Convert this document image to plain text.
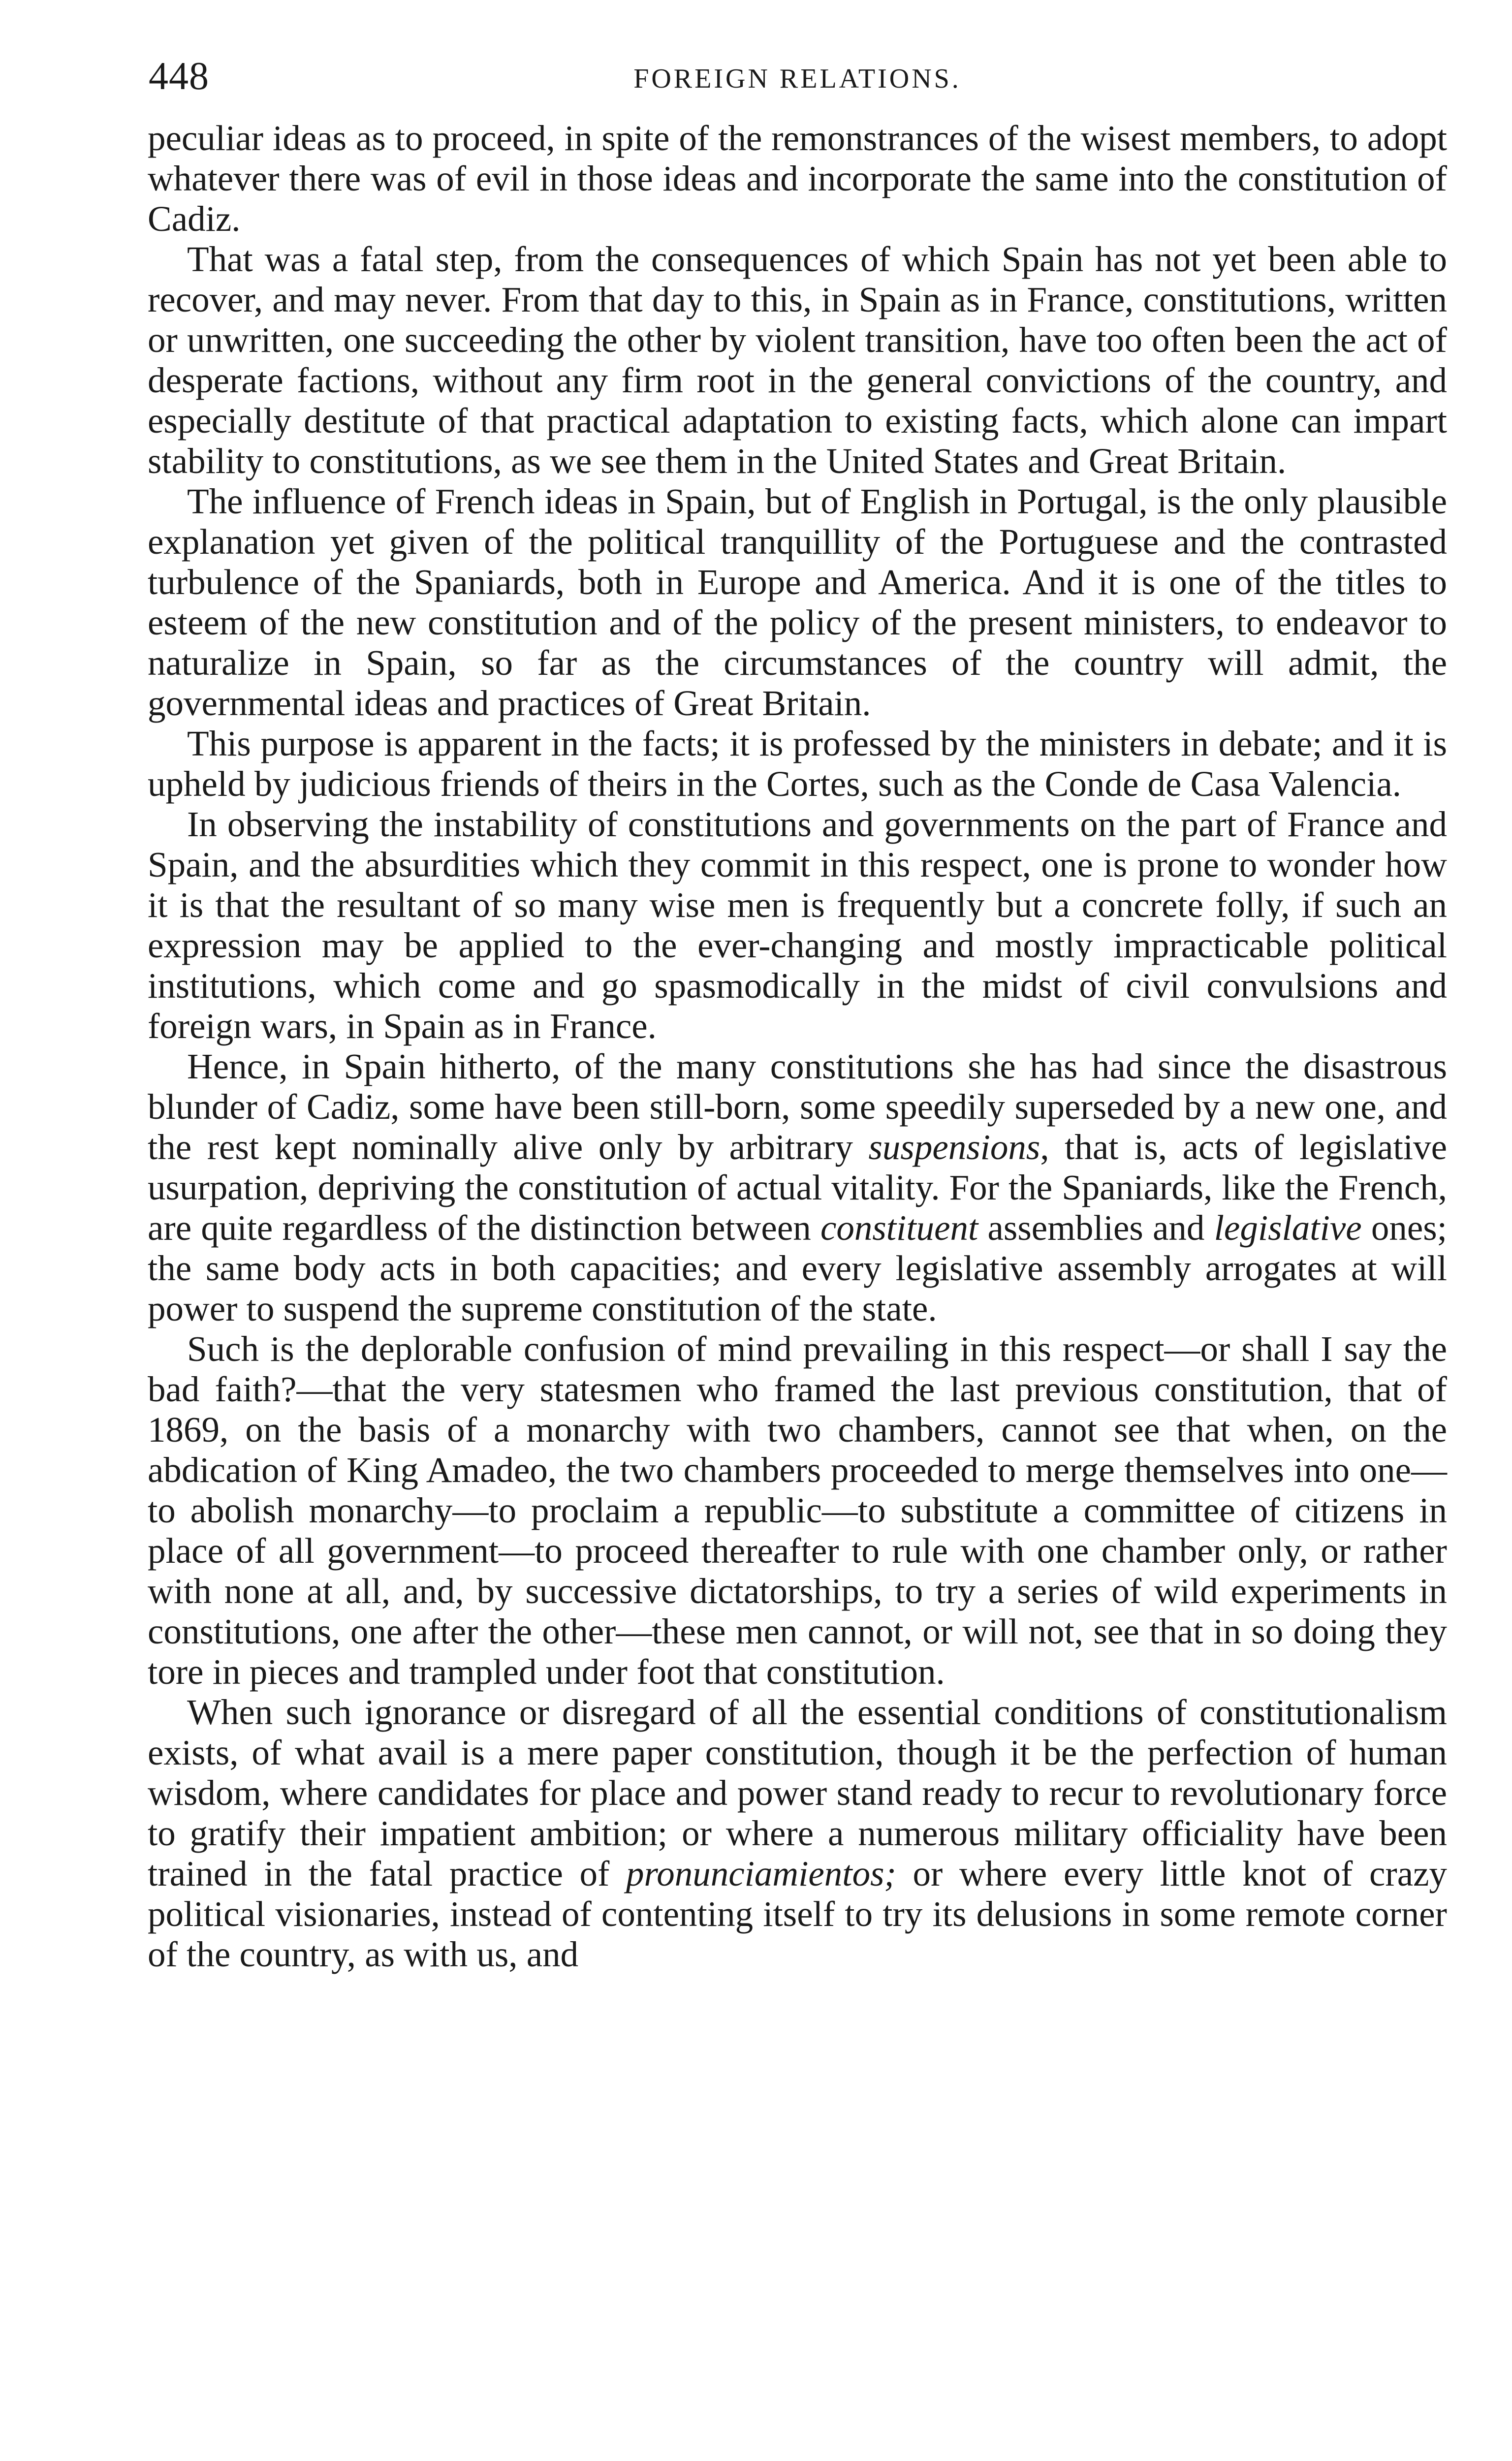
448	FOREIGN RELATIONS.

peculiar ideas as to proceed, in spite of the remonstrances of the wisest members, to adopt whatever there was of evil in those ideas and incorporate the same into the constitution of Cadiz.

That was a fatal step, from the consequences of which Spain has not yet been able to recover, and may never. From that day to this, in Spain as in France, constitutions, written or unwritten, one succeeding the other by violent transition, have too often been the act of desperate factions, without any firm root in the general convictions of the country, and especially destitute of that practical adaptation to existing facts, which alone can impart stability to constitutions, as we see them in the United States and Great Britain.

The influence of French ideas in Spain, but of English in Portugal, is the only plausible explanation yet given of the political tranquillity of the Portuguese and the contrasted turbulence of the Spaniards, both in Europe and America. And it is one of the titles to esteem of the new constitution and of the policy of the present ministers, to endeavor to naturalize in Spain, so far as the circumstances of the country will admit, the governmental ideas and practices of Great Britain.

This purpose is apparent in the facts; it is professed by the ministers in debate; and it is upheld by judicious friends of theirs in the Cortes, such as the Conde de Casa Valencia.

In observing the instability of constitutions and governments on the part of France and Spain, and the absurdities which they commit in this respect, one is prone to wonder how it is that the resultant of so many wise men is frequently but a concrete folly, if such an expression may be applied to the ever-changing and mostly impracticable political institutions, which come and go spasmodically in the midst of civil convulsions and foreign wars, in Spain as in France.

Hence, in Spain hitherto, of the many constitutions she has had since the disastrous blunder of Cadiz, some have been still-born, some speedily superseded by a new one, and the rest kept nominally alive only by arbitrary suspensions, that is, acts of legislative usurpation, depriving the constitution of actual vitality. For the Spaniards, like the French, are quite regardless of the distinction between constituent assemblies and legislative ones; the same body acts in both capacities; and every legislative assembly arrogates at will power to suspend the supreme constitution of the state.

Such is the deplorable confusion of mind prevailing in this respect—or shall I say the bad faith?—that the very statesmen who framed the last previous constitution, that of 1869, on the basis of a monarchy with two chambers, cannot see that when, on the abdication of King Amadeo, the two chambers proceeded to merge themselves into one—to abolish monarchy—to proclaim a republic—to substitute a committee of citizens in place of all government—to proceed thereafter to rule with one chamber only, or rather with none at all, and, by successive dictatorships, to try a series of wild experiments in constitutions, one after the other—these men cannot, or will not, see that in so doing they tore in pieces and trampled under foot that constitution.

When such ignorance or disregard of all the essential conditions of constitutionalism exists, of what avail is a mere paper constitution, though it be the perfection of human wisdom, where candidates for place and power stand ready to recur to revolutionary force to gratify their impatient ambition; or where a numerous military officiality have been trained in the fatal practice of pronunciamientos; or where every little knot of crazy political visionaries, instead of contenting itself to try its delusions in some remote corner of the country, as with us, and
